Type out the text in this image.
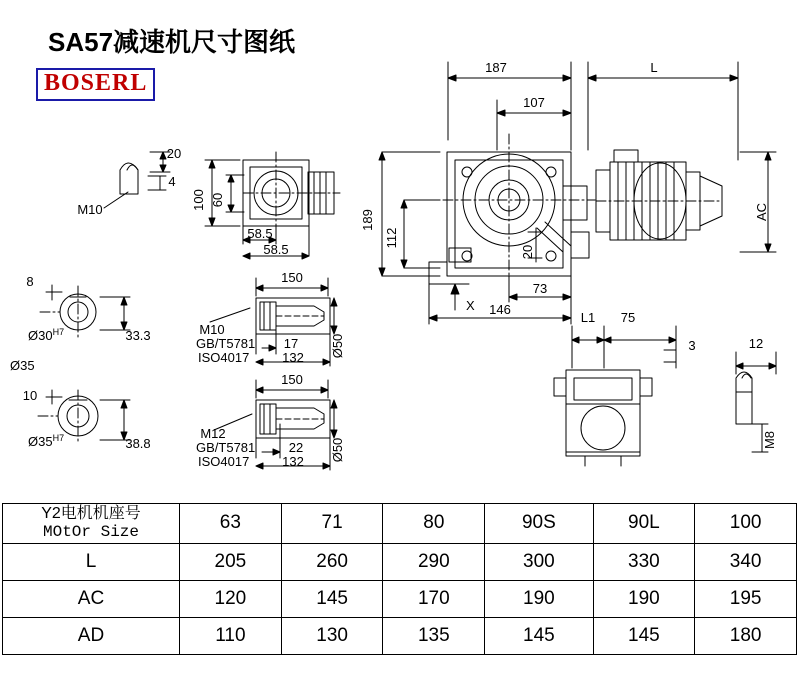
SA57减速机尺寸图纸
BOSERL
187	L
107
189
112
AC
20
73
146
X
L1 75
3	12
M8
M10
20
4
100 60
58.5
58.5
8
$Ø30^{H7}$	33.3
Ø35
10
$Ø35^{H7}$	38.8
150
M10
GB/T5781
ISO4017
17
132 Ø50
150
M12
GB/T5781
ISO4017
22
132 Ø50
Y2电机机座号
MOtOr Size	63	71	80	90S	90L	100
L	205	260	290	300	330	340
AC	120	145	170	190	190	195
AD	110	130	135	145	145	180
